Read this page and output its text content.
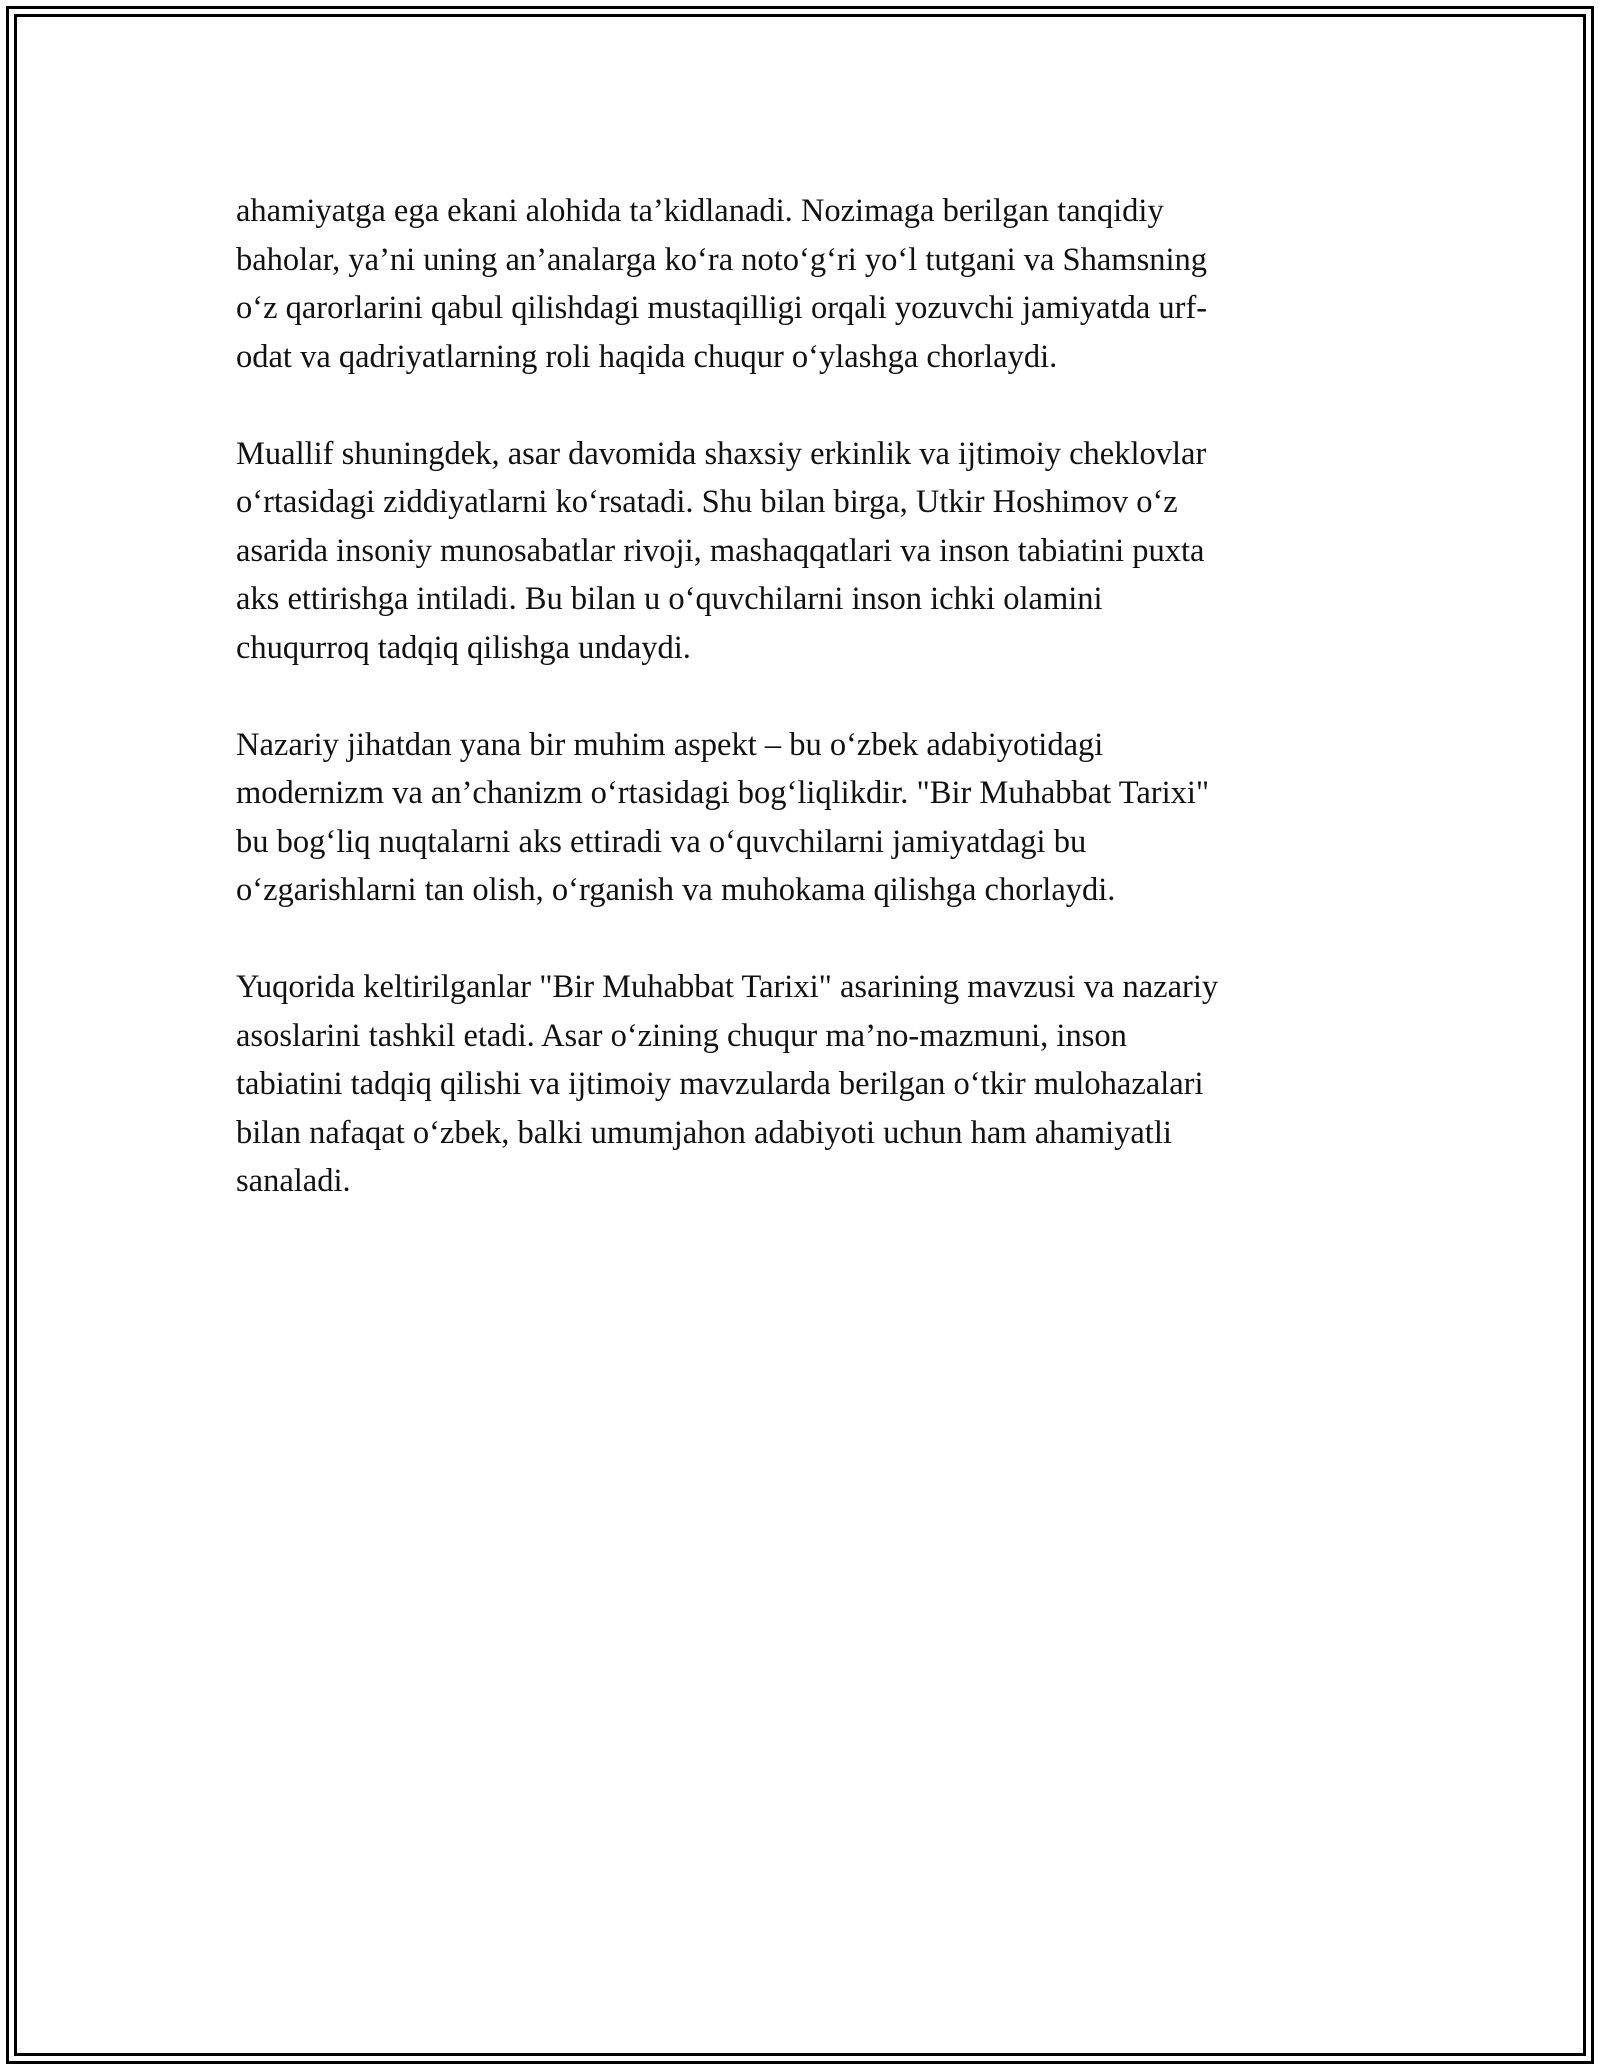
ahamiyatga ega ekani alohida ta’kidlanadi. Nozimaga berilgan tanqidiy
baholar, ya’ni uning an’analarga ko‘ra noto‘g‘ri yo‘l tutgani va Shamsning
o‘z qarorlarini qabul qilishdagi mustaqilligi orqali yozuvchi jamiyatda urf-
odat va qadriyatlarning roli haqida chuqur o‘ylashga chorlaydi.

Muallif shuningdek, asar davomida shaxsiy erkinlik va ijtimoiy cheklovlar
o‘rtasidagi ziddiyatlarni ko‘rsatadi. Shu bilan birga, Utkir Hoshimov o‘z
asarida insoniy munosabatlar rivoji, mashaqqatlari va inson tabiatini puxta
aks ettirishga intiladi. Bu bilan u o‘quvchilarni inson ichki olamini
chuqurroq tadqiq qilishga undaydi.

Nazariy jihatdan yana bir muhim aspekt – bu o‘zbek adabiyotidagi
modernizm va an’chanizm o‘rtasidagi bog‘liqlikdir. "Bir Muhabbat Tarixi"
bu bog‘liq nuqtalarni aks ettiradi va o‘quvchilarni jamiyatdagi bu
o‘zgarishlarni tan olish, o‘rganish va muhokama qilishga chorlaydi.

Yuqorida keltirilganlar "Bir Muhabbat Tarixi" asarining mavzusi va nazariy
asoslarini tashkil etadi. Asar o‘zining chuqur ma’no-mazmuni, inson
tabiatini tadqiq qilishi va ijtimoiy mavzularda berilgan o‘tkir mulohazalari
bilan nafaqat o‘zbek, balki umumjahon adabiyoti uchun ham ahamiyatli
sanaladi.
